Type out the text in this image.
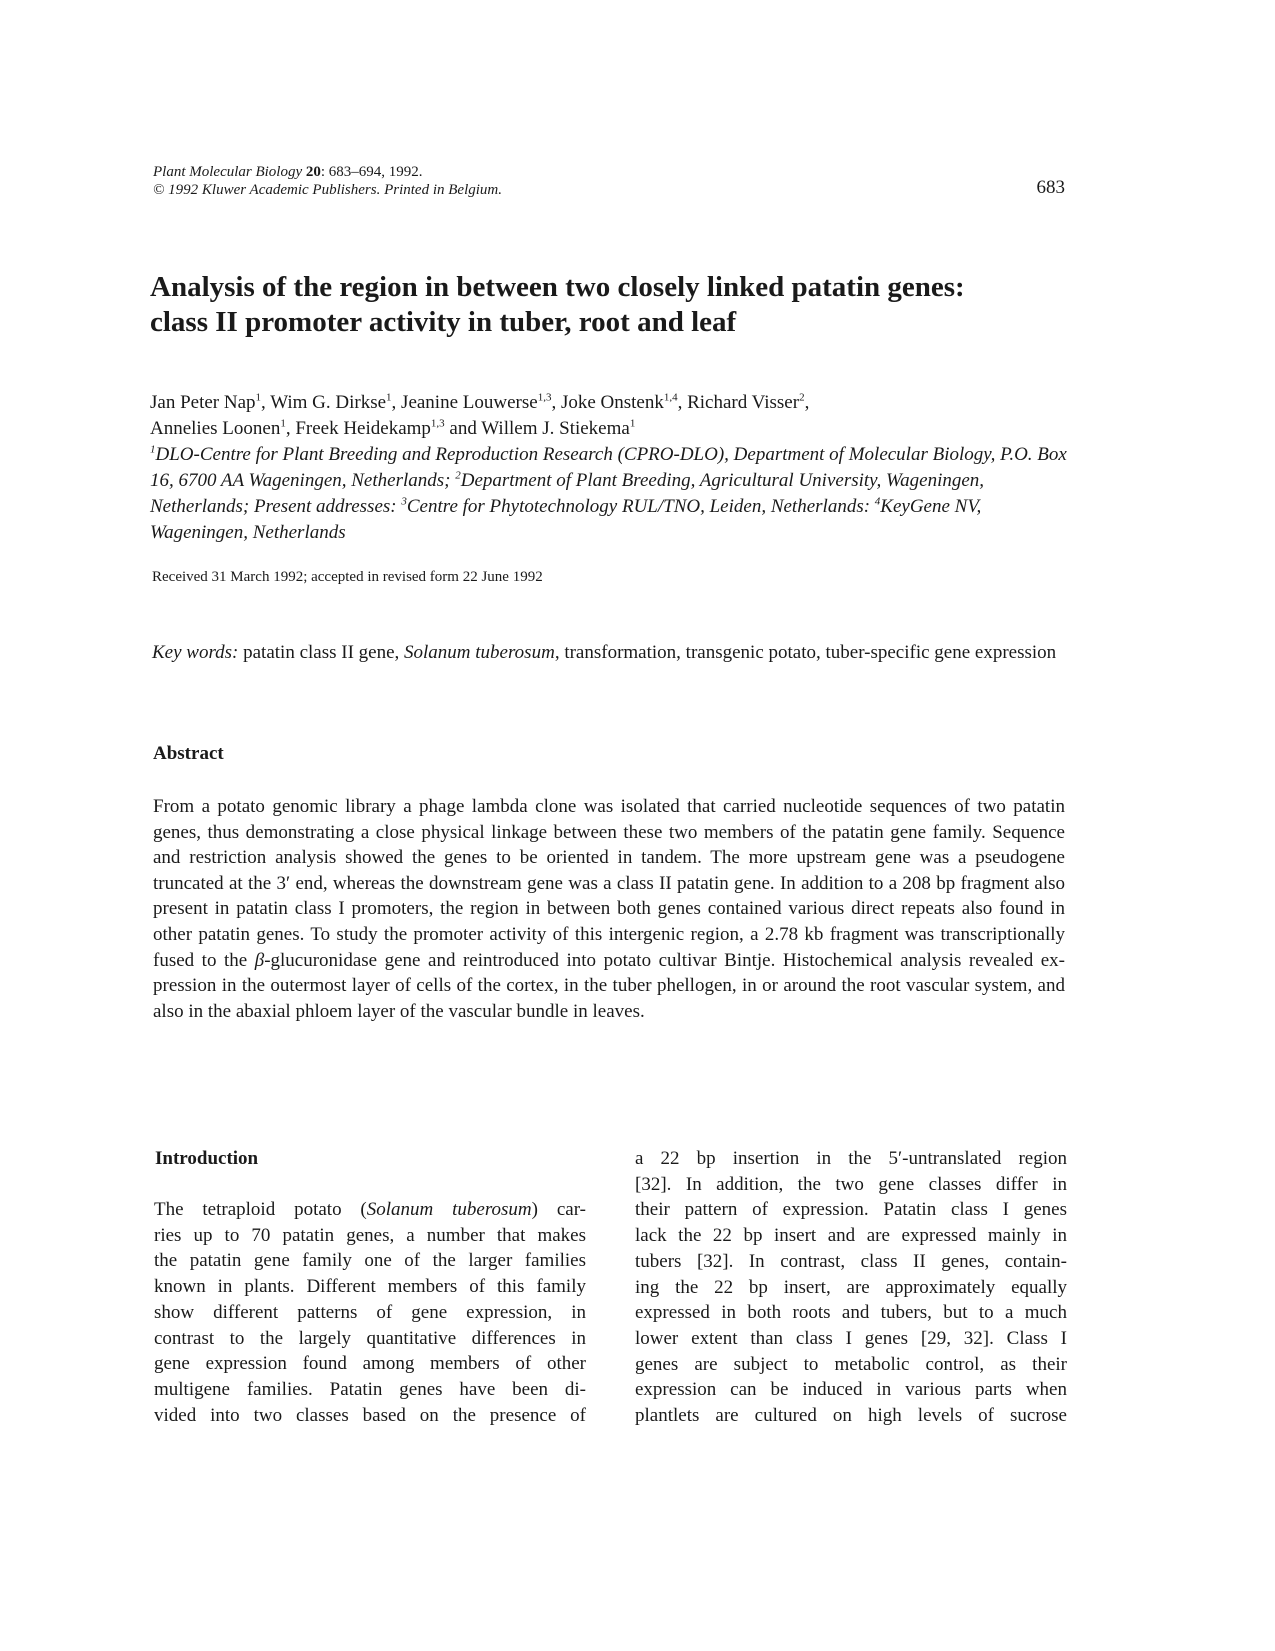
Plant Molecular Biology 20: 683–694, 1992.
© 1992 Kluwer Academic Publishers. Printed in Belgium.	683
Analysis of the region in between two closely linked patatin genes:
class II promoter activity in tuber, root and leaf
Jan Peter Nap$^1$, Wim G. Dirkse$^1$, Jeanine Louwerse$^{1,3}$, Joke Onstenk$^{1,4}$, Richard Visser$^2$,
Annelies Loonen$^1$, Freek Heidekamp$^{1,3}$ and Willem J. Stiekema$^1$
$^1$DLO-Centre for Plant Breeding and Reproduction Research (CPRO-DLO), Department of Molecular Biology, P.O. Box 16, 6700 AA Wageningen, Netherlands; $^2$Department of Plant Breeding, Agricultural University, Wageningen, Netherlands; Present addresses: $^3$Centre for Phytotechnology RUL/TNO, Leiden, Netherlands: $^4$KeyGene NV, Wageningen, Netherlands
Received 31 March 1992; accepted in revised form 22 June 1992
Key words: patatin class II gene, Solanum tuberosum, transformation, transgenic potato, tuber-specific gene expression
Abstract

From a potato genomic library a phage lambda clone was isolated that carried nucleotide sequences of two patatin genes, thus demonstrating a close physical linkage between these two members of the patatin gene family. Sequence and restriction analysis showed the genes to be oriented in tandem. The more upstream gene was a pseudogene truncated at the 3′ end, whereas the downstream gene was a class II patatin gene. In addition to a 208 bp fragment also present in patatin class I promoters, the region in between both genes contained various direct repeats also found in other patatin genes. To study the promoter activity of this intergenic region, a 2.78 kb fragment was transcriptionally fused to the β-glucuronidase gene and reintroduced into potato cultivar Bintje. Histochemical analysis revealed expression in the outermost layer of cells of the cortex, in the tuber phellogen, in or around the root vascular system, and also in the abaxial phloem layer of the vascular bundle in leaves.

Introduction
The tetraploid potato (Solanum tuberosum) car-
ries up to 70 patatin genes, a number that makes
the patatin gene family one of the larger families
known in plants. Different members of this family
show different patterns of gene expression, in
contrast to the largely quantitative differences in
gene expression found among members of other
multigene families. Patatin genes have been di-
vided into two classes based on the presence of
a 22 bp insertion in the 5′-untranslated region
[32]. In addition, the two gene classes differ in
their pattern of expression. Patatin class I genes
lack the 22 bp insert and are expressed mainly in
tubers [32]. In contrast, class II genes, contain-
ing the 22 bp insert, are approximately equally
expressed in both roots and tubers, but to a much
lower extent than class I genes [29, 32]. Class I
genes are subject to metabolic control, as their
expression can be induced in various parts when
plantlets are cultured on high levels of sucrose
